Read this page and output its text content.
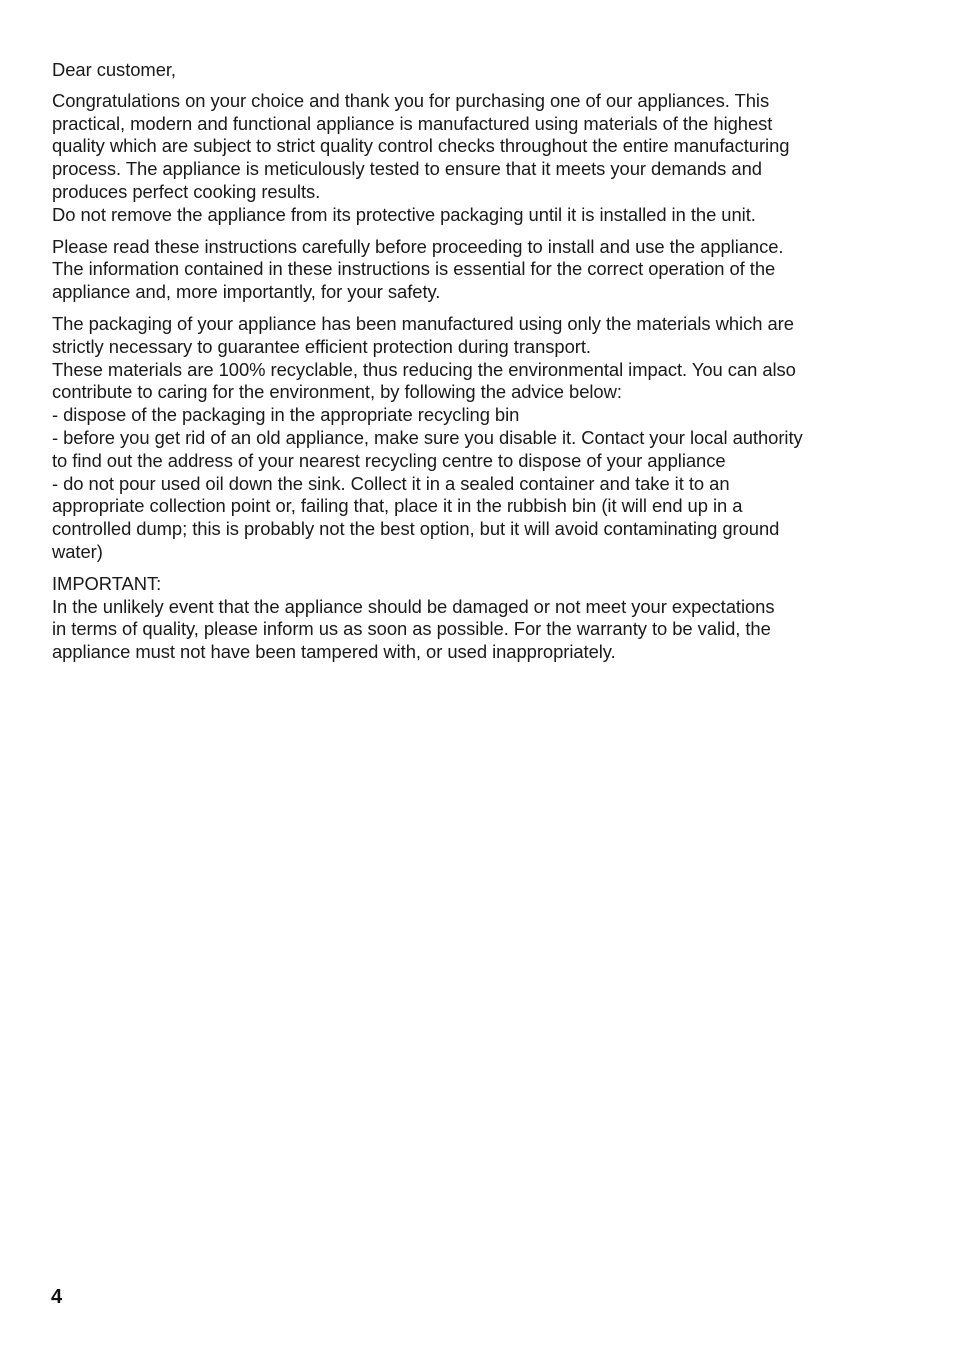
Dear customer,

Congratulations on your choice and thank you for purchasing one of our appliances. This
practical, modern and functional appliance is manufactured using materials of the highest
quality which are subject to strict quality control checks throughout the entire manufacturing
process. The appliance is meticulously tested to ensure that it meets your demands and
produces perfect cooking results.
Do not remove the appliance from its protective packaging until it is installed in the unit.

Please read these instructions carefully before proceeding to install and use the appliance.
The information contained in these instructions is essential for the correct operation of the
appliance and, more importantly, for your safety.

The packaging of your appliance has been manufactured using only the materials which are
strictly necessary to guarantee efficient protection during transport.
These materials are 100% recyclable, thus reducing the environmental impact. You can also
contribute to caring for the environment, by following the advice below:
- dispose of the packaging in the appropriate recycling bin
- before you get rid of an old appliance, make sure you disable it. Contact your local authority
to find out the address of your nearest recycling centre to dispose of your appliance
- do not pour used oil down the sink. Collect it in a sealed container and take it to an
appropriate collection point or, failing that, place it in the rubbish bin (it will end up in a
controlled dump; this is probably not the best option, but it will avoid contaminating ground
water)

IMPORTANT:
In the unlikely event that the appliance should be damaged or not meet your expectations
in terms of quality, please inform us as soon as possible. For the warranty to be valid, the
appliance must not have been tampered with, or used inappropriately.

4
